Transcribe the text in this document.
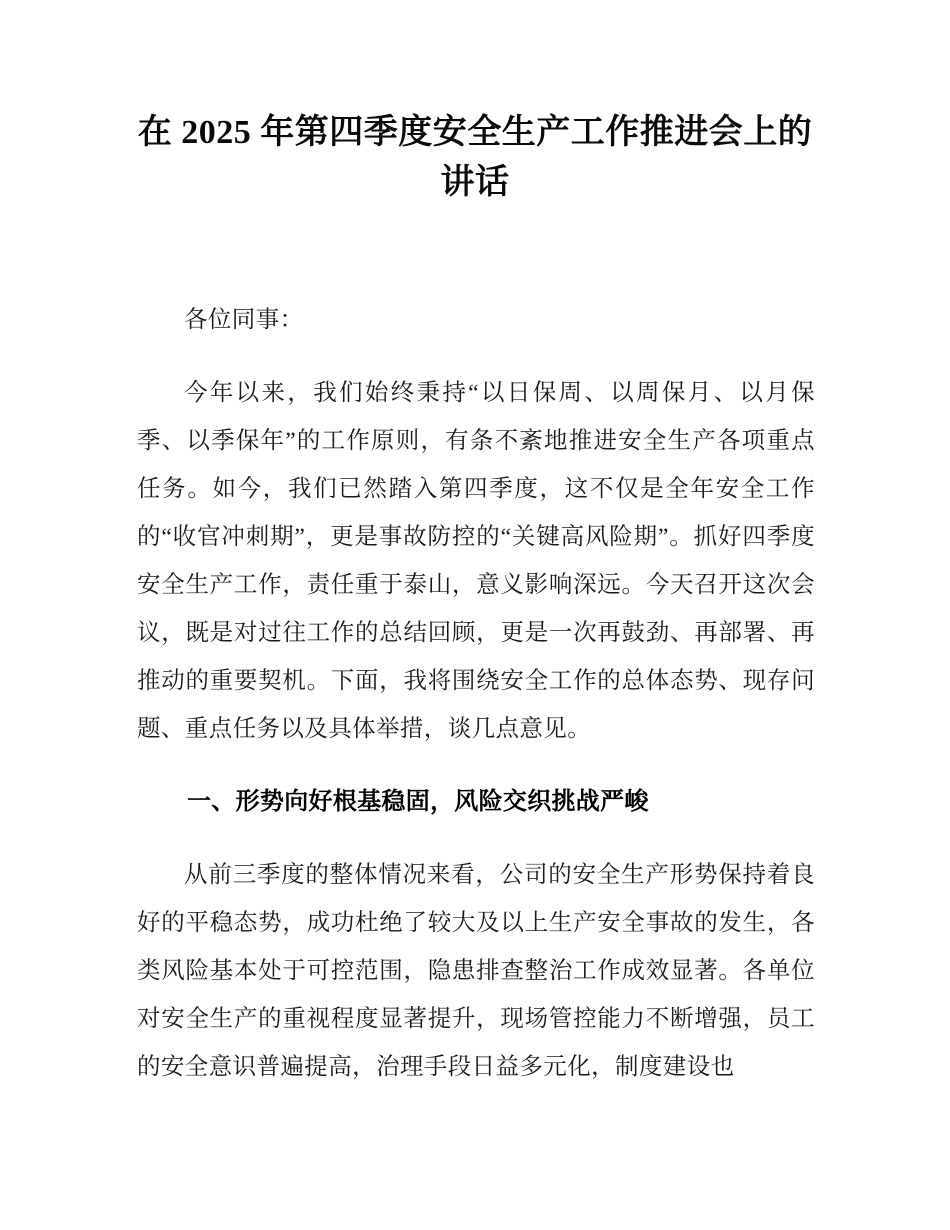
在 2025 年第四季度安全生产工作推进会上的
讲话

各位同事：

今年以来，我们始终秉持“以日保周、以周保月、以月保季、以季保年”的工作原则，有条不紊地推进安全生产各项重点任务。如今，我们已然踏入第四季度，这不仅是全年安全工作的“收官冲刺期”，更是事故防控的“关键高风险期”。抓好四季度安全生产工作，责任重于泰山，意义影响深远。今天召开这次会议，既是对过往工作的总结回顾，更是一次再鼓劲、再部署、再推动的重要契机。下面，我将围绕安全工作的总体态势、现存问题、重点任务以及具体举措，谈几点意见。

一、形势向好根基稳固，风险交织挑战严峻

从前三季度的整体情况来看，公司的安全生产形势保持着良好的平稳态势，成功杜绝了较大及以上生产安全事故的发生，各类风险基本处于可控范围，隐患排查整治工作成效显著。各单位对安全生产的重视程度显著提升，现场管控能力不断增强，员工的安全意识普遍提高，治理手段日益多元化，制度建设也
